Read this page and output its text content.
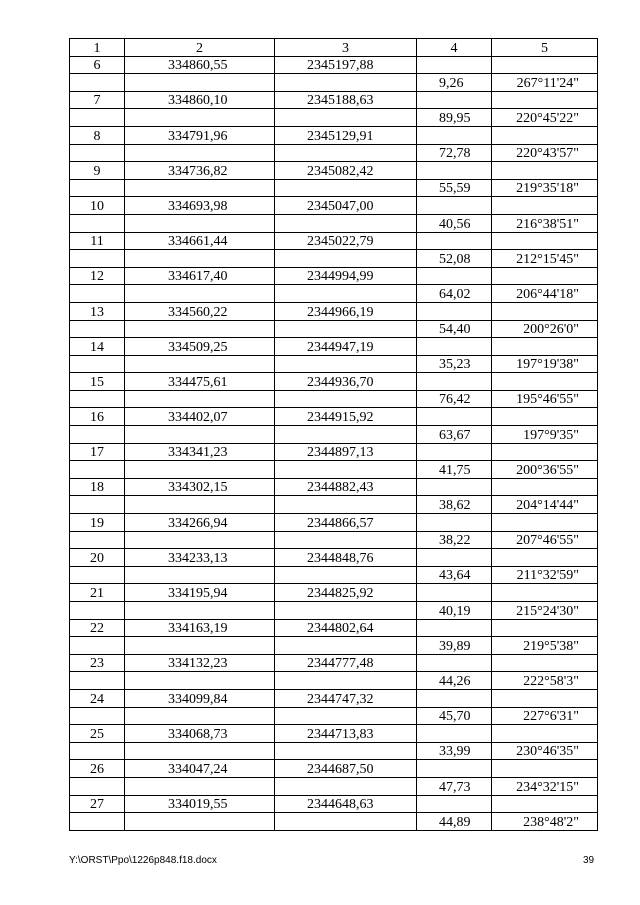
1	2	3	4	5
6	334860,55	2345197,88		
			9,26	267°11'24"
7	334860,10	2345188,63		
			89,95	220°45'22"
8	334791,96	2345129,91		
			72,78	220°43'57"
9	334736,82	2345082,42		
			55,59	219°35'18"
10	334693,98	2345047,00		
			40,56	216°38'51"
11	334661,44	2345022,79		
			52,08	212°15'45"
12	334617,40	2344994,99		
			64,02	206°44'18"
13	334560,22	2344966,19		
			54,40	200°26'0"
14	334509,25	2344947,19		
			35,23	197°19'38"
15	334475,61	2344936,70		
			76,42	195°46'55"
16	334402,07	2344915,92		
			63,67	197°9'35"
17	334341,23	2344897,13		
			41,75	200°36'55"
18	334302,15	2344882,43		
			38,62	204°14'44"
19	334266,94	2344866,57		
			38,22	207°46'55"
20	334233,13	2344848,76		
			43,64	211°32'59"
21	334195,94	2344825,92		
			40,19	215°24'30"
22	334163,19	2344802,64		
			39,89	219°5'38"
23	334132,23	2344777,48		
			44,26	222°58'3"
24	334099,84	2344747,32		
			45,70	227°6'31"
25	334068,73	2344713,83		
			33,99	230°46'35"
26	334047,24	2344687,50		
			47,73	234°32'15"
27	334019,55	2344648,63		
			44,89	238°48'2"
Y:\ORST\Ppo\1226p848.f18.docx	39
